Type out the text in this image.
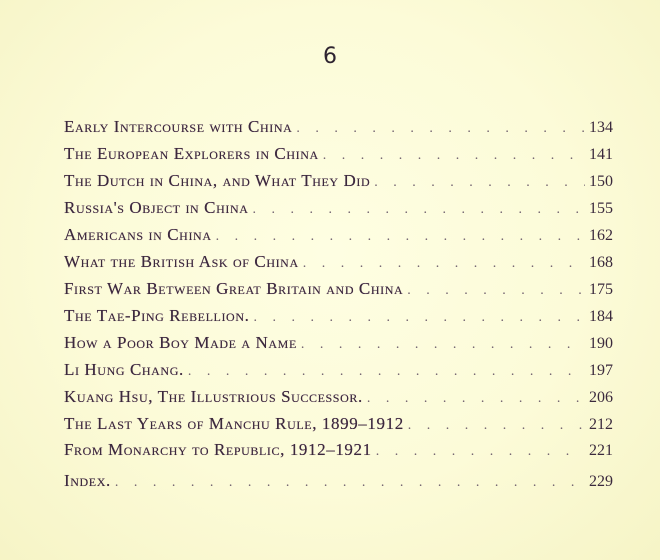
6
Early Intercourse with China . . .	134
The European Explorers in China . . .	141
The Dutch in China, and What They Did . . .	150
Russia's Object in China . . .	155
Americans in China . . .	162
What the British Ask of China . . .	168
First War Between Great Britain and China . . .	175
The Tae-Ping Rebellion. . . .	184
How a Poor Boy Made a Name . . .	190
Li Hung Chang. . . .	197
Kuang Hsu, The Illustrious Successor. . . .	206
The Last Years of Manchu Rule, 1899–1912 . . .	212
From Monarchy to Republic, 1912–1921 . . .	221
Index. . . .	229
